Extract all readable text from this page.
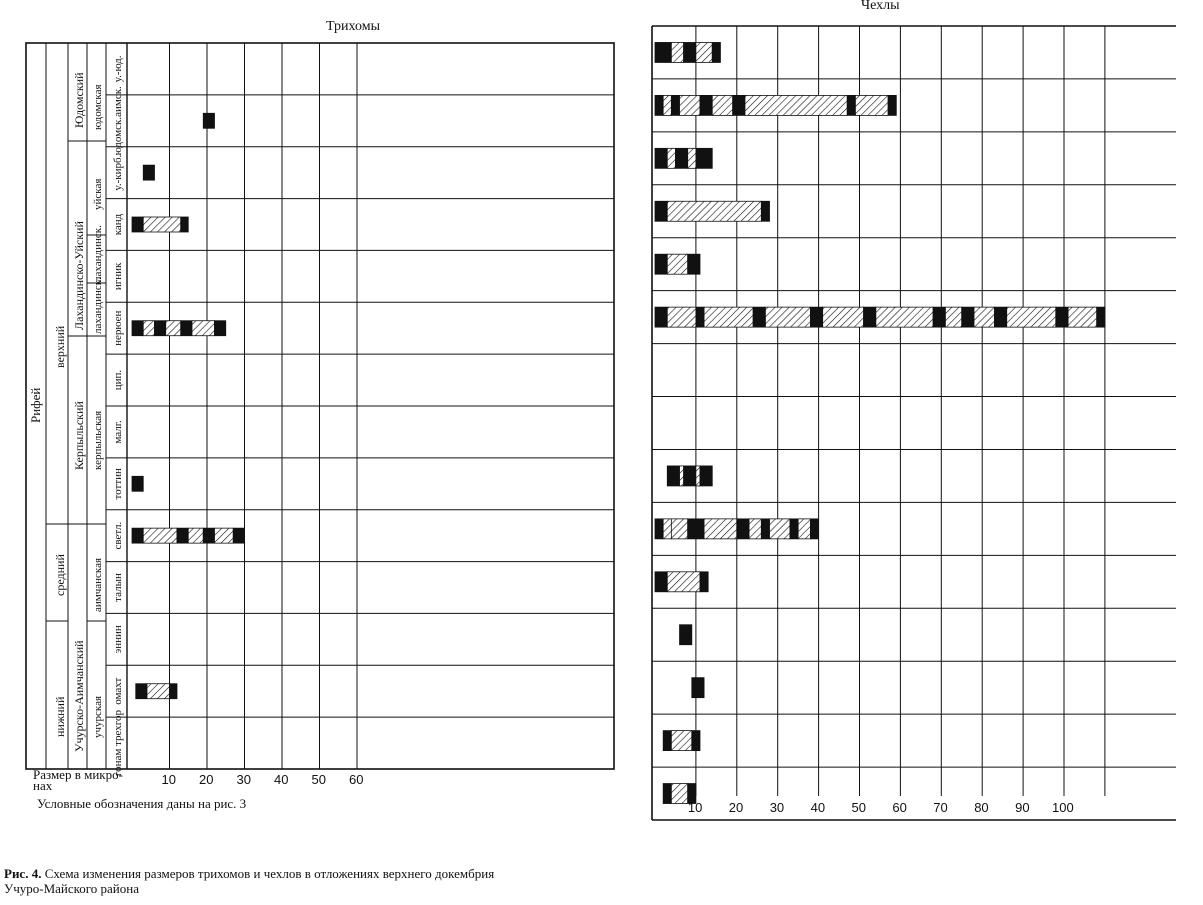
Трихомы
Чехлы
Размер в микро-
нах
Условные обозначения даны на рис. 3
Рис. 4. Схема изменения размеров трихомов и чехлов в отложениях верхнего докембрия
Учуро-Майского района
Рифей
верхний
средний
нижний
Юдомский
Лахандинско-Уйский
Керпыльский
Учурско-Аимчанский
юдомская
уйская
лахандинск.
лахандинск.
керпыльская
аимчанская
учурская
у.-юд.
юдомск.аимск.
у.-кирб.
канд
игник
нерюен
цип.
малг.
тоттин
светл.
талын
эннин
омахт
гонам трехгор
10 20 30 40 50 60
10 20 30 40 50 60 70 80 90 100
